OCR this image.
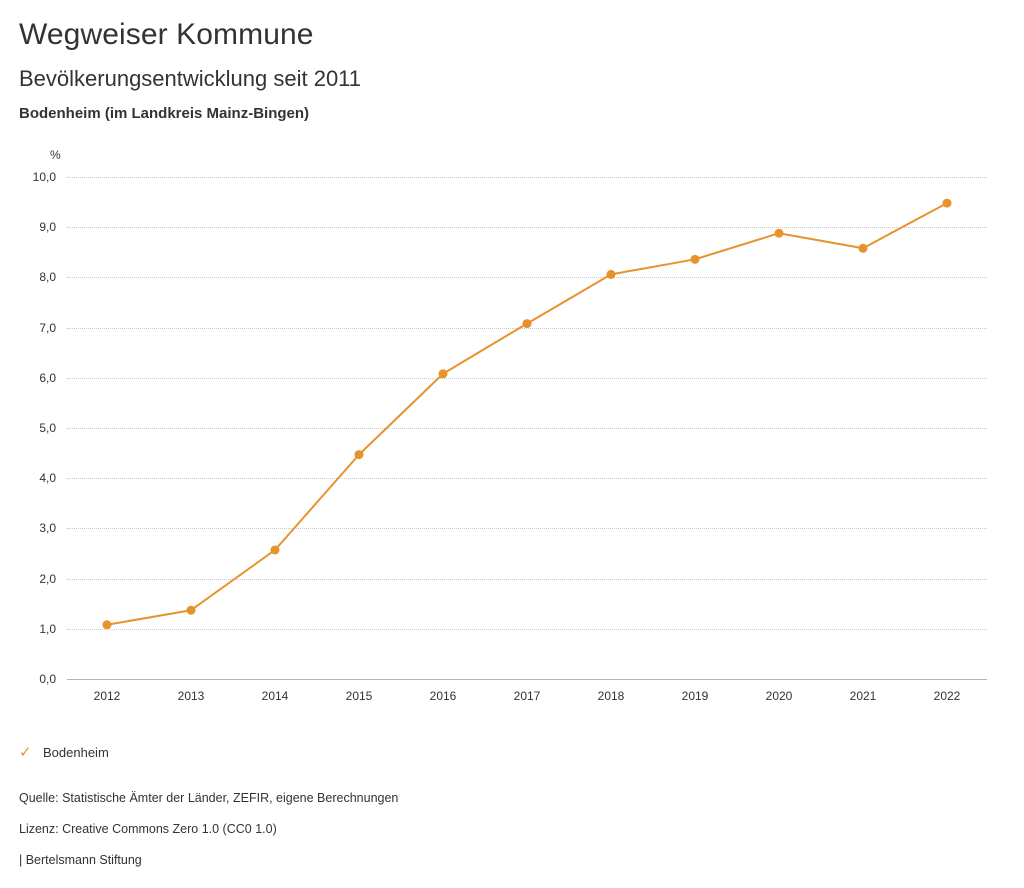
Wegweiser Kommune
Bevölkerungsentwicklung seit 2011
Bodenheim (im Landkreis Mainz-Bingen)
%
10,0
9,0
8,0
7,0
6,0
5,0
4,0
3,0
2,0
1,0
0,0
2012	2013	2014	2015	2016	2017	2018	2019	2020	2021	2022
✓ Bodenheim
Quelle: Statistische Ämter der Länder, ZEFIR, eigene Berechnungen
Lizenz: Creative Commons Zero 1.0 (CC0 1.0)
| Bertelsmann Stiftung
